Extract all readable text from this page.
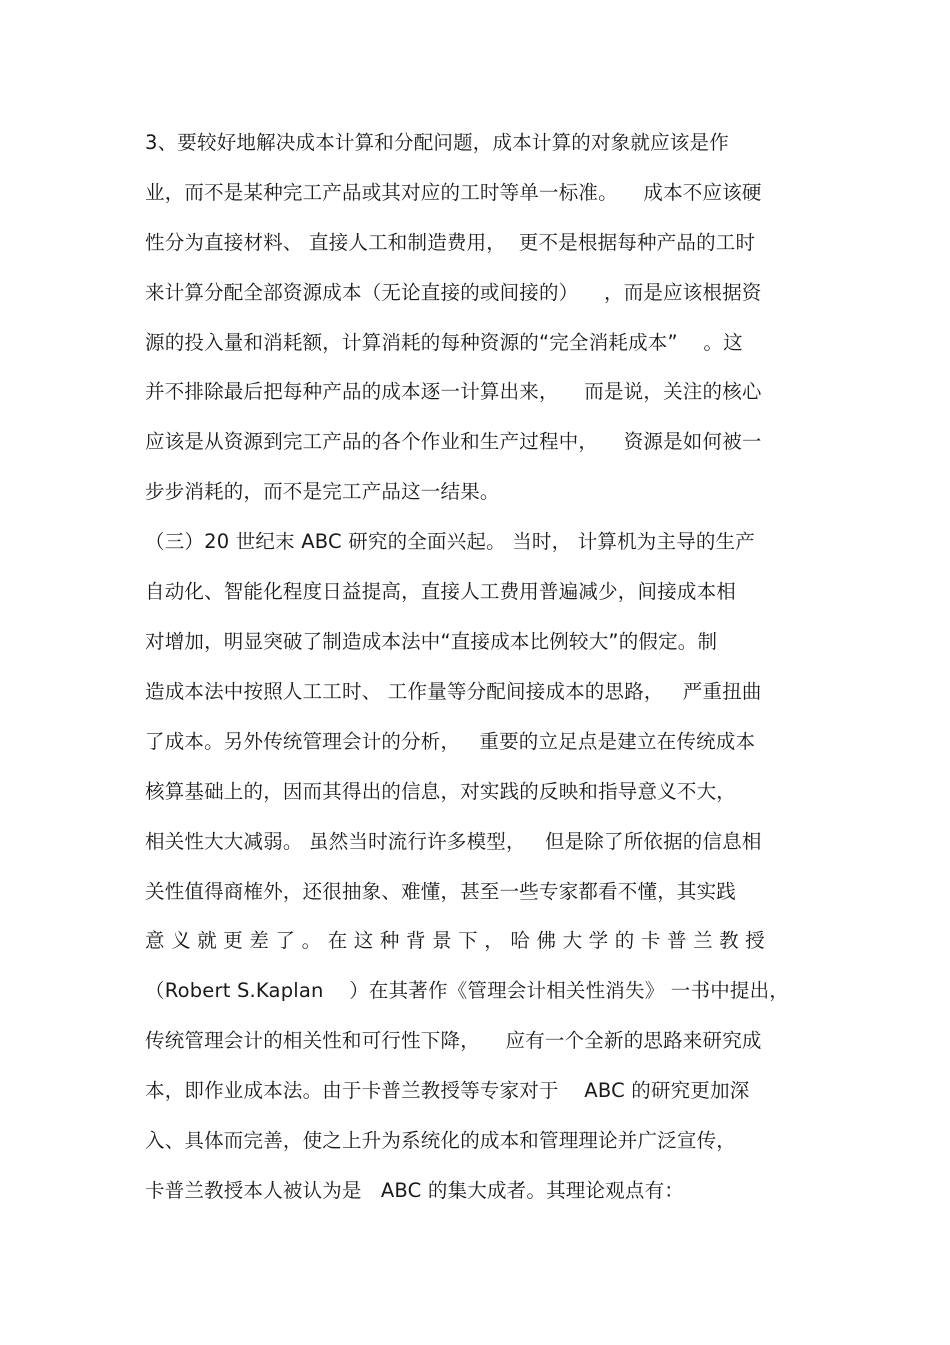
3、要较好地解决成本计算和分配问题，成本计算的对象就应该是作
业，而不是某种完工产品或其对应的工时等单一标准。    成本不应该硬
性分为直接材料、 直接人工和制造费用，  更不是根据每种产品的工时
来计算分配全部资源成本（无论直接的或间接的）    ，而是应该根据资
源的投入量和消耗额，计算消耗的每种资源的“完全消耗成本”    。这
并不排除最后把每种产品的成本逐一计算出来，    而是说，关注的核心
应该是从资源到完工产品的各个作业和生产过程中，    资源是如何被一
步步消耗的，而不是完工产品这一结果。
（三）20 世纪末 ABC 研究的全面兴起。 当时， 计算机为主导的生产
自动化、智能化程度日益提高，直接人工费用普遍减少，间接成本相
对增加，明显突破了制造成本法中“直接成本比例较大”的假定。制
造成本法中按照人工工时、 工作量等分配间接成本的思路，   严重扭曲
了成本。另外传统管理会计的分析，   重要的立足点是建立在传统成本
核算基础上的，因而其得出的信息，对实践的反映和指导意义不大，
相关性大大减弱。 虽然当时流行许多模型，   但是除了所依据的信息相
关性值得商榷外，还很抽象、难懂，甚至一些专家都看不懂，其实践
意 义 就 更 差 了 。 在 这 种 背 景 下 ， 哈 佛 大 学 的 卡 普 兰 教 授
（Robert S.Kaplan    ）在其著作《管理会计相关性消失》 一书中提出，
传统管理会计的相关性和可行性下降，    应有一个全新的思路来研究成
本，即作业成本法。由于卡普兰教授等专家对于    ABC 的研究更加深
入、具体而完善，使之上升为系统化的成本和管理理论并广泛宣传，
卡普兰教授本人被认为是   ABC 的集大成者。其理论观点有：
